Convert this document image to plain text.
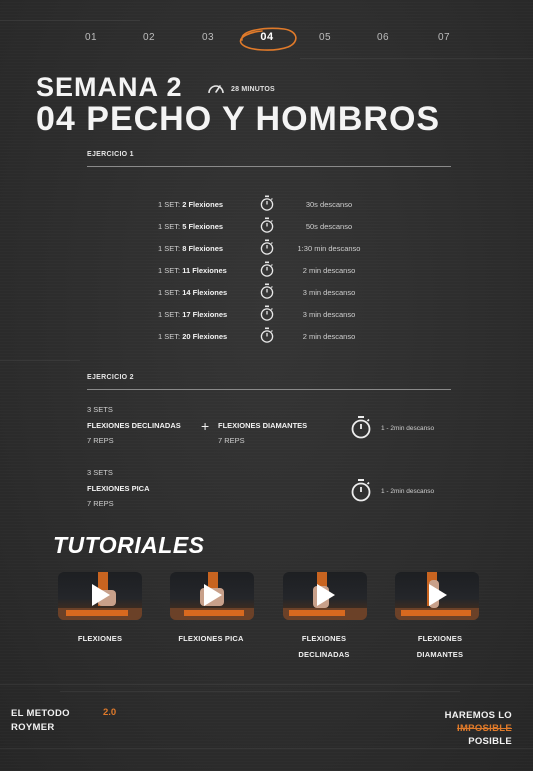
01	02	03	04	05	06	07
SEMANA 2	28 MINUTOS
04 PECHO Y HOMBROS
EJERCICIO 1
1 SET: 2 Flexiones	30s descanso
1 SET: 5 Flexiones	50s descanso
1 SET: 8 Flexiones	1:30 min descanso
1 SET: 11 Flexiones	2 min descanso
1 SET: 14 Flexiones	3 min descanso
1 SET: 17 Flexiones	3 min descanso
1 SET: 20 Flexiones	2 min descanso
EJERCICIO 2
3 SETS
FLEXIONES DECLINADAS
7 REPS
+ FLEXIONES DIAMANTES
7 REPS
1 - 2min descanso
3 SETS
FLEXIONES PICA
7 REPS
1 - 2min descanso
TUTORIALES
FLEXIONES	FLEXIONES PICA	FLEXIONES DECLINADAS
FLEXIONES DIAMANTES
EL METODO
ROYMER
2.0	HAREMOS LO
IMPOSIBLE
POSIBLE
